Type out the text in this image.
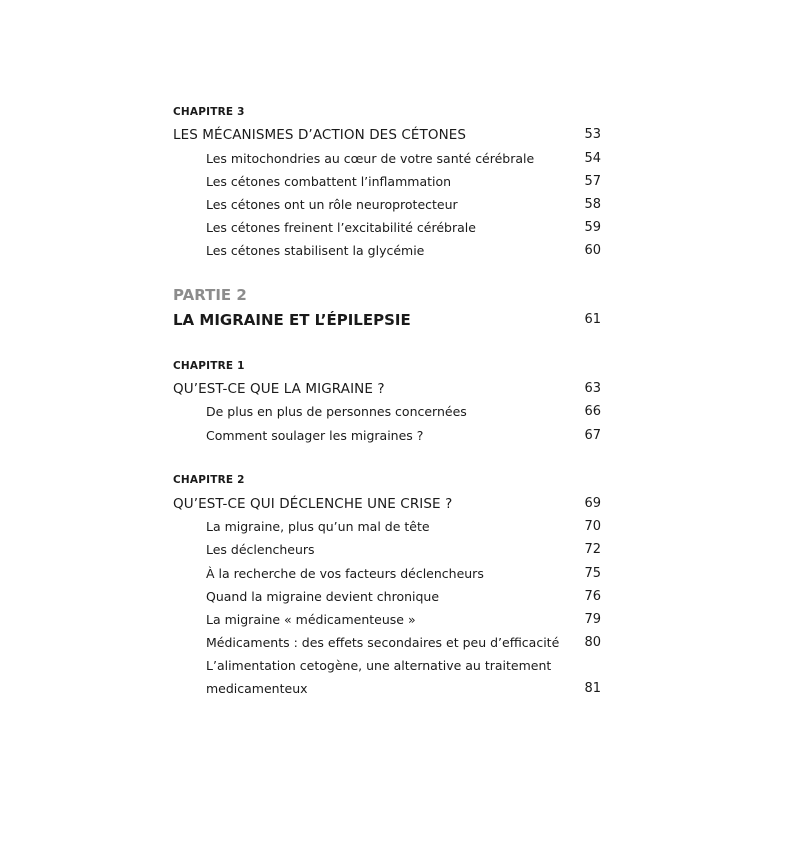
CHAPITRE 3
LES MÉCANISMES D’ACTION DES CÉTONES	53
Les mitochondries au cœur de votre santé cérébrale	54
Les cétones combattent l’inflammation	57
Les cétones ont un rôle neuroprotecteur	58
Les cétones freinent l’excitabilité cérébrale	59
Les cétones stabilisent la glycémie	60
PARTIE 2
LA MIGRAINE ET L’ÉPILEPSIE	61
CHAPITRE 1
QU’EST-CE QUE LA MIGRAINE ?	63
De plus en plus de personnes concernées	66
Comment soulager les migraines ?	67
CHAPITRE 2
QU’EST-CE QUI DÉCLENCHE UNE CRISE ?	69
La migraine, plus qu’un mal de tête	70
Les déclencheurs	72
À la recherche de vos facteurs déclencheurs	75
Quand la migraine devient chronique	76
La migraine « médicamenteuse »	79
Médicaments : des effets secondaires et peu d’efficacité 80
L’alimentation cetogène, une alternative au traitement
medicamenteux	81
